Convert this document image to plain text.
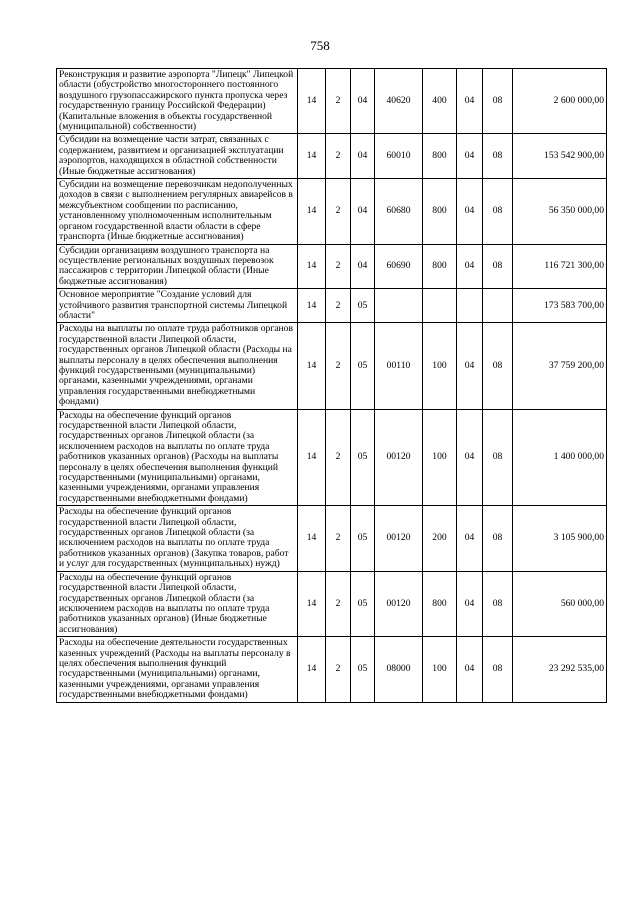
758
Реконструкция и развитие аэропорта "Липецк" Липецкой области (обустройство многостороннего постоянного воздушного грузопассажирского пункта пропуска через государственную границу Российской Федерации) (Капитальные вложения в объекты государственной (муниципальной) собственности)	14	2	04	40620	400	04	08	2 600 000,00
Субсидии на возмещение части затрат, связанных с содержанием, развитием и организацией эксплуатации аэропортов, находящихся в областной собственности (Иные бюджетные ассигнования)	14	2	04	60010	800	04	08	153 542 900,00
Субсидии на возмещение перевозчикам недополученных доходов в связи с выполнением регулярных авиарейсов в межсубъектном сообщении по расписанию, установленному уполномоченным исполнительным органом государственной власти области в сфере транспорта (Иные бюджетные ассигнования)	14	2	04	60680	800	04	08	56 350 000,00
Субсидии организациям воздушного транспорта на осуществление региональных воздушных перевозок пассажиров с территории Липецкой области (Иные бюджетные ассигнования)	14	2	04	60690	800	04	08	116 721 300,00
Основное мероприятие "Создание условий для устойчивого развития транспортной системы Липецкой области"	14	2	05					173 583 700,00
Расходы на выплаты по оплате труда работников органов государственной власти Липецкой области, государственных органов Липецкой области (Расходы на выплаты персоналу в целях обеспечения выполнения функций государственными (муниципальными) органами, казенными учреждениями, органами управления государственными внебюджетными фондами)	14	2	05	00110	100	04	08	37 759 200,00
Расходы на обеспечение функций органов государственной власти Липецкой области, государственных органов Липецкой области (за исключением расходов на выплаты по оплате труда работников указанных органов) (Расходы на выплаты персоналу в целях обеспечения выполнения функций государственными (муниципальными) органами, казенными учреждениями, органами управления государственными внебюджетными фондами)	14	2	05	00120	100	04	08	1 400 000,00
Расходы на обеспечение функций органов государственной власти Липецкой области, государственных органов Липецкой области (за исключением расходов на выплаты по оплате труда работников указанных органов) (Закупка товаров, работ и услуг для государственных (муниципальных) нужд)	14	2	05	00120	200	04	08	3 105 900,00
Расходы на обеспечение функций органов государственной власти Липецкой области, государственных органов Липецкой области (за исключением расходов на выплаты по оплате труда работников указанных органов) (Иные бюджетные ассигнования)	14	2	05	00120	800	04	08	560 000,00
Расходы на обеспечение деятельности государственных казенных учреждений (Расходы на выплаты персоналу в целях обеспечения выполнения функций государственными (муниципальными) органами, казенными учреждениями, органами управления государственными внебюджетными фондами)	14	2	05	08000	100	04	08	23 292 535,00
